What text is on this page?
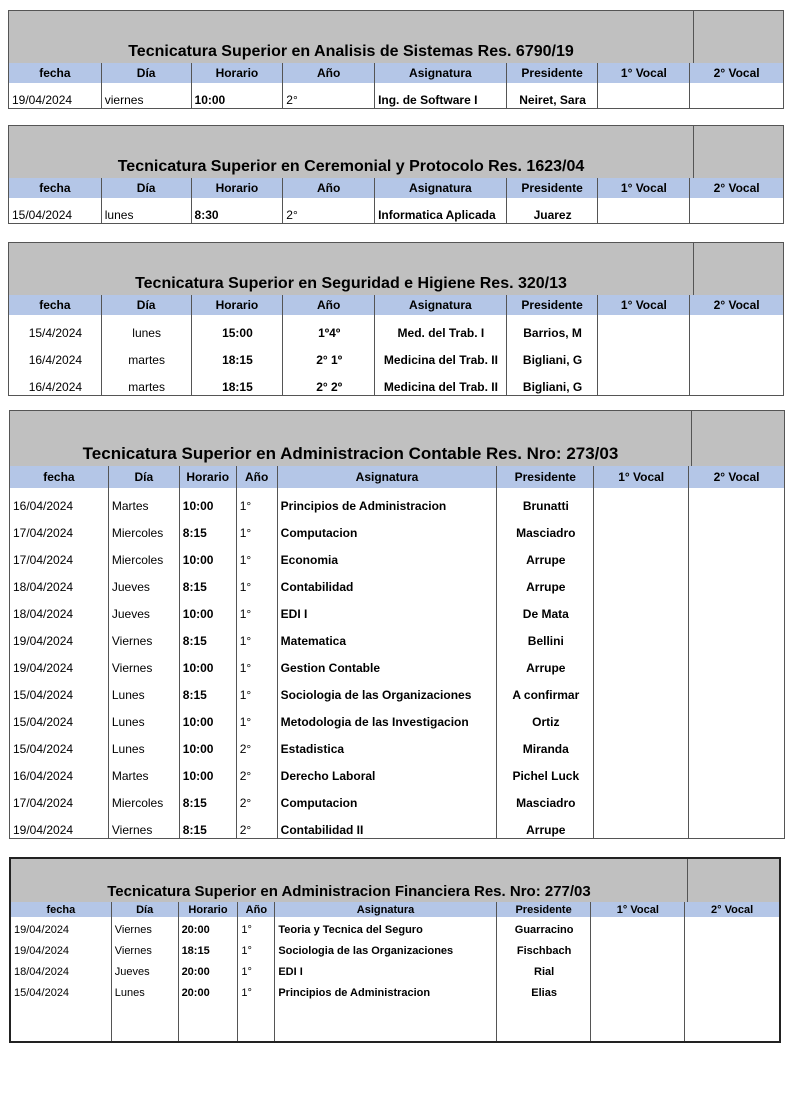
Tecnicatura Superior en Analisis de Sistemas Res. 6790/19
fecha	Día	Horario	Año	Asignatura	Presidente	1° Vocal	2° Vocal
19/04/2024	viernes	10:00	2°	Ing. de Software I	Neiret, Sara
Tecnicatura Superior en Ceremonial y Protocolo Res. 1623/04
fecha	Día	Horario	Año	Asignatura	Presidente	1° Vocal	2° Vocal
15/04/2024	lunes	8:30	2°	Informatica Aplicada	Juarez
Tecnicatura Superior en Seguridad e Higiene Res. 320/13
fecha	Día	Horario	Año	Asignatura	Presidente	1° Vocal	2° Vocal
15/4/2024	lunes	15:00	1º4º	Med. del Trab. I	Barrios, M
16/4/2024	martes	18:15	2° 1º	Medicina del Trab. II	Bigliani, G
16/4/2024	martes	18:15	2° 2º	Medicina del Trab. II	Bigliani, G
Tecnicatura Superior en Administracion Contable Res. Nro: 273/03
fecha	Día	Horario	Año	Asignatura	Presidente	1° Vocal	2° Vocal
16/04/2024	Martes	10:00	1°	Principios de Administracion	Brunatti
17/04/2024	Miercoles	8:15	1°	Computacion	Masciadro
17/04/2024	Miercoles	10:00	1°	Economia	Arrupe
18/04/2024	Jueves	8:15	1°	Contabilidad	Arrupe
18/04/2024	Jueves	10:00	1°	EDI I	De Mata
19/04/2024	Viernes	8:15	1°	Matematica	Bellini
19/04/2024	Viernes	10:00	1°	Gestion Contable	Arrupe
15/04/2024	Lunes	8:15	1°	Sociologia de las Organizaciones	A confirmar
15/04/2024	Lunes	10:00	1°	Metodologia de las Investigacion	Ortiz
15/04/2024	Lunes	10:00	2°	Estadistica	Miranda
16/04/2024	Martes	10:00	2°	Derecho Laboral	Pichel Luck
17/04/2024	Miercoles	8:15	2°	Computacion	Masciadro
19/04/2024	Viernes	8:15	2°	Contabilidad II	Arrupe
Tecnicatura Superior en Administracion Financiera Res. Nro: 277/03
fecha	Día	Horario	Año	Asignatura	Presidente	1° Vocal	2° Vocal
19/04/2024	Viernes	20:00	1°	Teoria y Tecnica del Seguro	Guarracino
19/04/2024	Viernes	18:15	1°	Sociologia de las Organizaciones	Fischbach
18/04/2024	Jueves	20:00	1°	EDI I	Rial
15/04/2024	Lunes	20:00	1°	Principios de Administracion	Elias
